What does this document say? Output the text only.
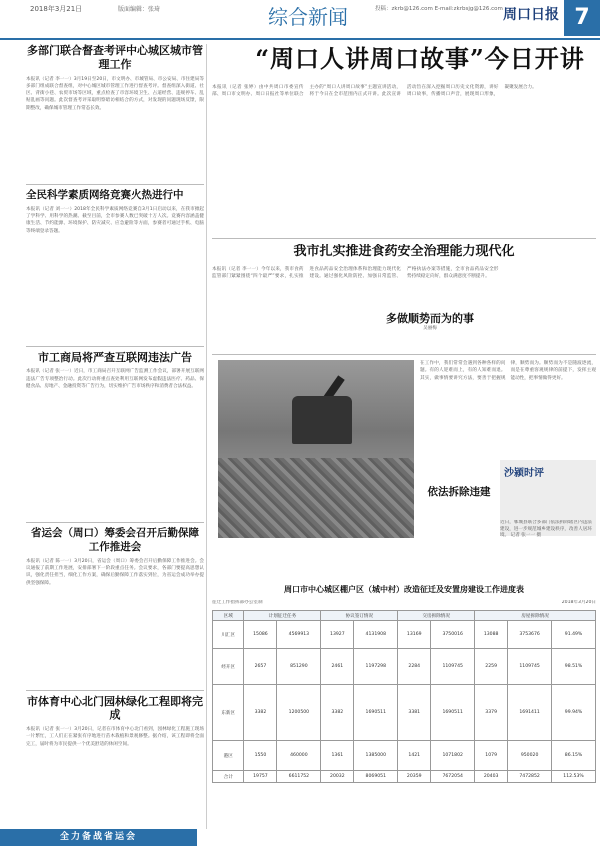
2018年3月21日	版面编辑：张琦	综合新闻	投稿：zkrb@126.com E-mail:zkrbsjg@126.com 周口日报 7
“周口人讲周口故事”今日开讲
多部门联合督查考评中心城区城市管理工作
本报讯（记者 李一一）3月19日至20日，市文明办、市城管局、市公安局、市住建局等多部门组成联合督查组，对中心城区城市管理工作进行督查考评。督查组深入街道、社区、背街小巷、农贸市场等区域，重点检查了市容环境卫生、占道经营、违规停车、乱贴乱画等问题。此次督查考评采取明察暗访相结合的方式，对发现的问题现场反馈，限期整改，确保城市管理工作常态长效。
全民科学素质网络竞赛火热进行中
本报讯（记者 刘一一）2018年全民科学素质网络竞赛自3月1日启动以来，在我市掀起了学科学、用科学的热潮。截至目前，全市参赛人数已突破十万人次。竞赛内容涵盖健康生活、节约能源、环境保护、防灾减灾、应急避险等方面，参赛者可通过手机、电脑等终端登录答题。
市工商局将严查互联网违法广告
本报讯（记者 张一一）近日，市工商局召开互联网广告监测工作会议，部署开展互联网违法广告专项整治行动。此次行动将重点查处利用互联网发布虚假违法医疗、药品、保健食品、房地产、金融投资等广告行为，切实维护广告市场秩序和消费者合法权益。
省运会（周口）筹委会召开后勤保障工作推进会
本报讯（记者 陈一一）3月20日，省运会（周口）筹委会召开后勤保障工作推进会。会议通报了前期工作进展，安排部署下一阶段重点任务。会议要求，各部门要提高思想认识，强化责任担当，细化工作方案，确保后勤保障工作落实到位，为省运会成功举办提供坚强保障。
市体育中心北门园林绿化工程即将完成
本报讯（记者 张一一）3月20日，记者在市体育中心北门看到，园林绿化工程施工现场一片繁忙，工人们正在紧张有序地进行苗木栽植和景观修整。据介绍，该工程即将全面完工，届时将为市民提供一个优美舒适的休闲空间。
全力备战省运会
本报讯（记者 张婷）由中共周口市委宣传部、周口市文明办、周口日报社等单位联合主办的“周口人讲周口故事”主题宣讲活动，将于今日在全市范围内正式开讲。此次宣讲活动旨在深入挖掘周口历史文化资源，讲好周口故事，传播周口声音，展现周口形象，凝聚发展合力。
我市扎实推进食药安全治理能力现代化
本报讯（记者 李一一）今年以来，我市食药监管部门紧紧围绕“四个最严”要求，扎实推进食品药品安全治理体系和治理能力现代化建设。通过强化风险防控、加强日常监管、严格执法办案等措施，全市食品药品安全形势持续稳定向好，群众满意度不断提升。
多做顺势而为的事
吴丽梅
在工作中，我们常常会遇到各种各样的问题。有的人迎难而上，有的人知难而退。其实，做事情要讲究方法，要善于把握规律，顺势而为。顺势而为不是随波逐流，而是在尊重客观规律的前提下，发挥主观能动性，把事情做得更好。
沙颍时评
依法拆除违建
近日，郸城县联合多部门依法拆除辖区内违法建设，进一步规范城乡建设秩序，改善人居环境。 记者 张一一 摄
周口市中心城区棚户区（城中村）改造征迁及安置房建设工作进度表
征迁工作指挥部办公室制	2018年3月20日
区域	计划征迁任务		协议签订情况		交房拆除情况		房屋拆除情况		
川汇区	15086	4569913	13927	4131908	13169	3750016	13088	3753676	91.49%
经开区	2657	851290	2461	1197298	2284	1109745	2259	1109745	98.51%
东新区	3382	1200500	3382	1690511	3381	1690511	3379	1691411	99.94%
港区	1550	460000	1361	1385000	1421	1071802	1079	950020	86.15%
合计	19757	6611752	20032	8069051	20359	7672054	20403	7472852	112.53%
